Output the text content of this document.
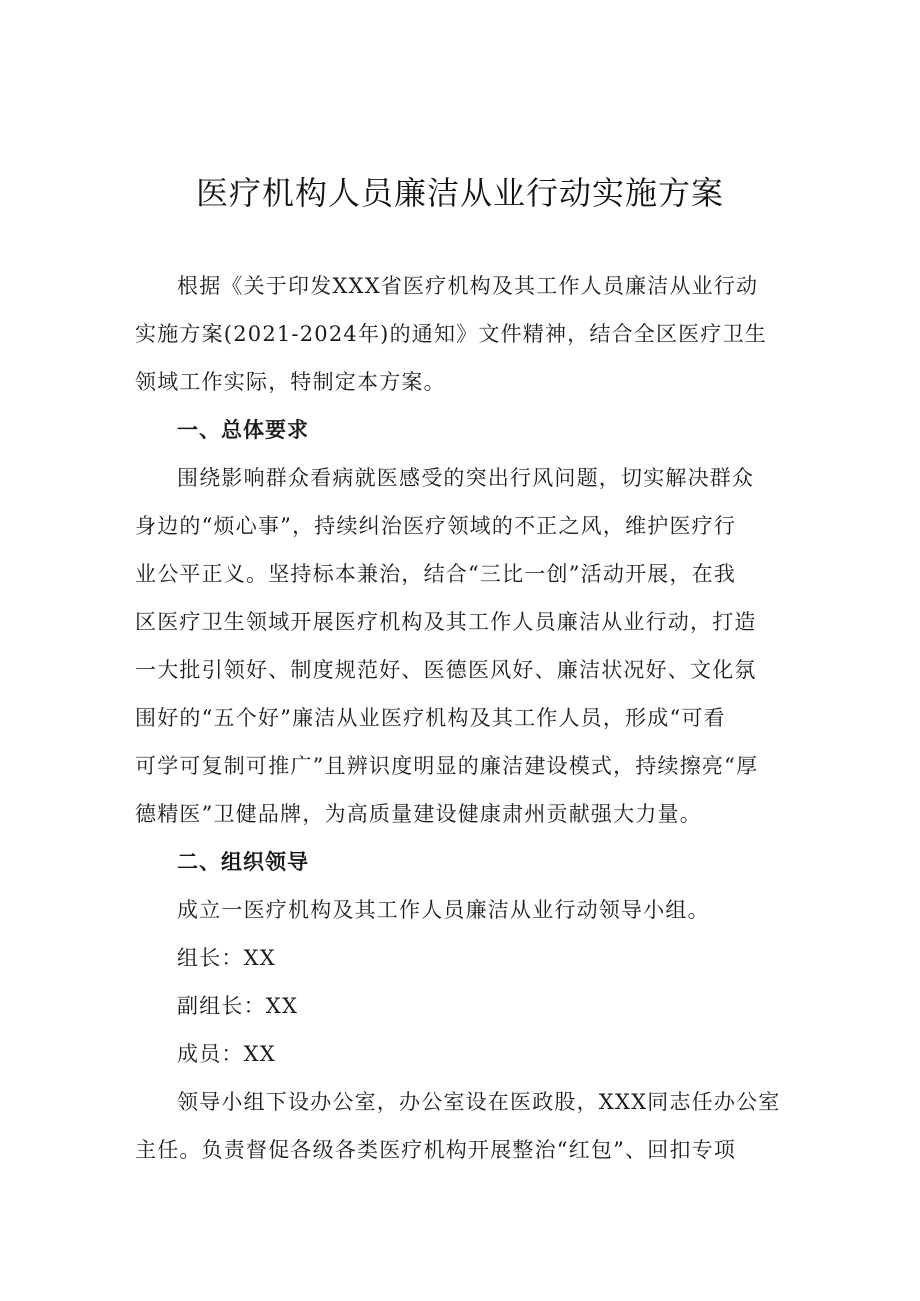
医疗机构人员廉洁从业行动实施方案

根据《关于印发XXX省医疗机构及其工作人员廉洁从业行动
实施方案(2021-2024年)的通知》文件精神，结合全区医疗卫生
领域工作实际，特制定本方案。

一、总体要求

围绕影响群众看病就医感受的突出行风问题，切实解决群众
身边的“烦心事”，持续纠治医疗领域的不正之风，维护医疗行
业公平正义。坚持标本兼治，结合“三比一创”活动开展，在我
区医疗卫生领域开展医疗机构及其工作人员廉洁从业行动，打造
一大批引领好、制度规范好、医德医风好、廉洁状况好、文化氛
围好的“五个好”廉洁从业医疗机构及其工作人员，形成“可看
可学可复制可推广”且辨识度明显的廉洁建设模式，持续擦亮“厚
德精医”卫健品牌，为高质量建设健康肃州贡献强大力量。

二、组织领导

成立一医疗机构及其工作人员廉洁从业行动领导小组。

组长：XX

副组长：XX

成员：XX

领导小组下设办公室，办公室设在医政股，XXX同志任办公室
主任。负责督促各级各类医疗机构开展整治“红包”、回扣专项
